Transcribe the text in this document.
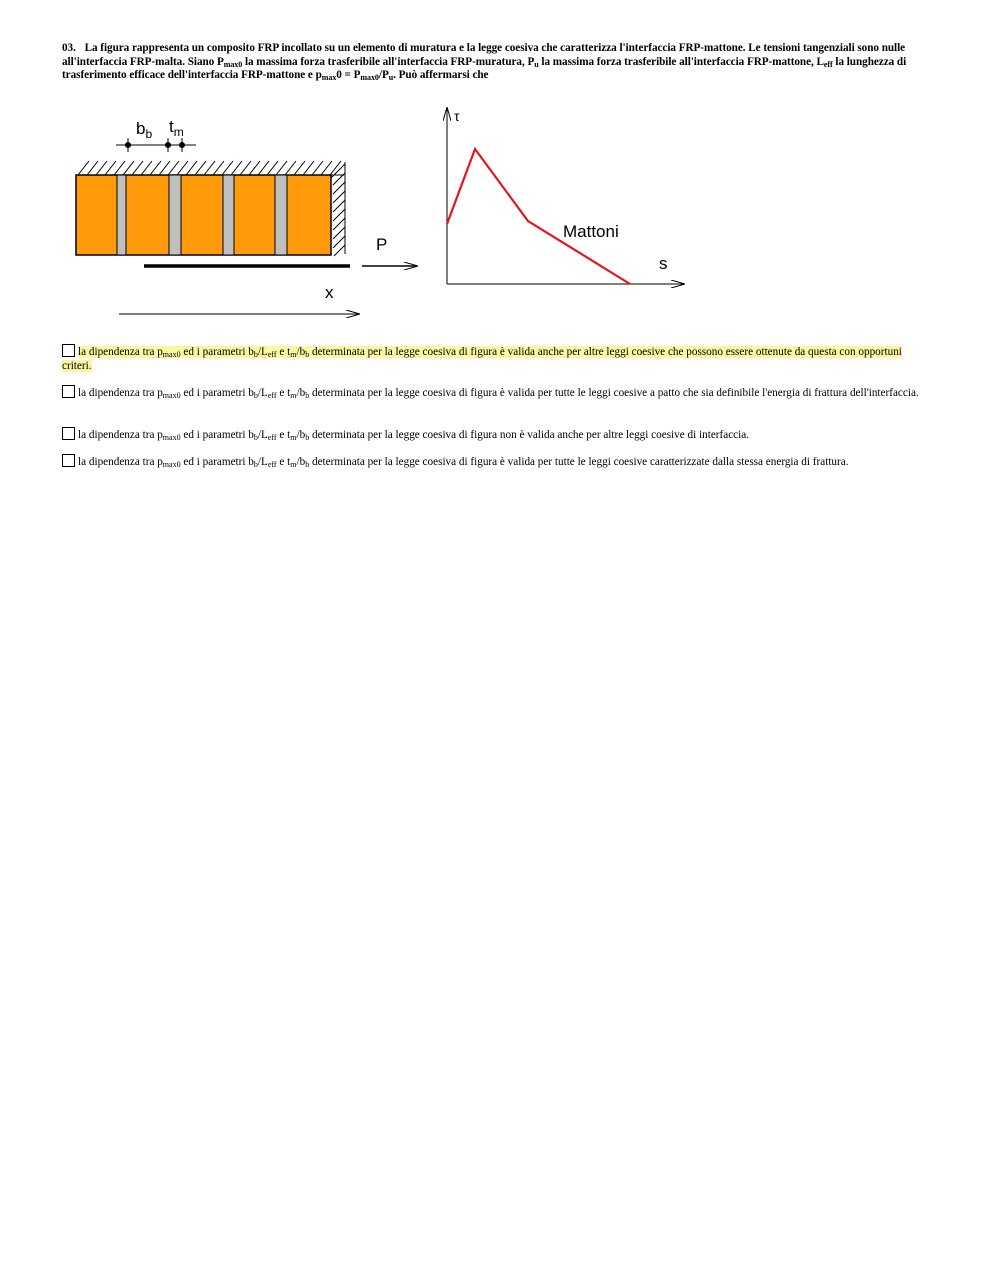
03. La figura rappresenta un composito FRP incollato su un elemento di muratura e la legge coesiva che caratterizza l'interfaccia FRP-mattone. Le tensioni tangenziali sono nulle all'interfaccia FRP-malta. Siano $P_{max0}$ la massima forza trasferibile all'interfaccia FRP-muratura, $P_u$ la massima forza trasferibile all'interfaccia FRP-mattone, $L_{eff}$ la lunghezza di trasferimento efficace dell'interfaccia FRP-mattone e $p_{max}0 = P_{max0}/P_u$. Può affermarsi che
$b_b$ $t_m$
P
x
τ
s
Mattoni
la dipendenza tra $p_{max0}$ ed i parametri $b_b/L_{eff}$ e $t_m/b_b$ determinata per la legge coesiva di figura è valida anche per altre leggi coesive che possono essere ottenute da questa con opportuni criteri.
la dipendenza tra $p_{max0}$ ed i parametri $b_b/L_{eff}$ e $t_m/b_b$ determinata per la legge coesiva di figura è valida per tutte le leggi coesive a patto che sia definibile l'energia di frattura dell'interfaccia.
la dipendenza tra $p_{max0}$ ed i parametri $b_b/L_{eff}$ e $t_m/b_b$ determinata per la legge coesiva di figura non è valida anche per altre leggi coesive di interfaccia.
la dipendenza tra $p_{max0}$ ed i parametri $b_b/L_{eff}$ e $t_m/b_b$ determinata per la legge coesiva di figura è valida per tutte le leggi coesive caratterizzate dalla stessa energia di frattura.
